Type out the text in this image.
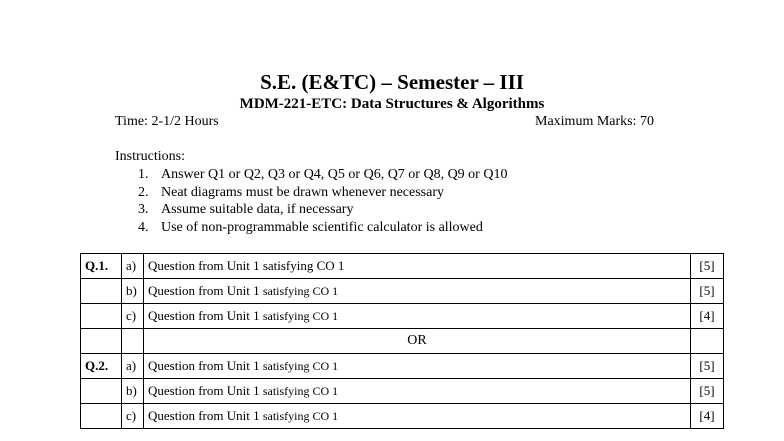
S.E. (E&TC) – Semester – III
MDM-221-ETC: Data Structures & Algorithms
Time: 2-1/2 Hours	Maximum Marks: 70
Instructions:
1. Answer Q1 or Q2, Q3 or Q4, Q5 or Q6, Q7 or Q8, Q9 or Q10
2. Neat diagrams must be drawn whenever necessary
3. Assume suitable data, if necessary
4. Use of non-programmable scientific calculator is allowed
Q.1.	a)	Question from Unit 1 satisfying CO 1	[5]
	b)	Question from Unit 1 satisfying CO 1	[5]
	c)	Question from Unit 1 satisfying CO 1	[4]
		OR	
Q.2.	a)	Question from Unit 1 satisfying CO 1	[5]
	b)	Question from Unit 1 satisfying CO 1	[5]
	c)	Question from Unit 1 satisfying CO 1	[4]
